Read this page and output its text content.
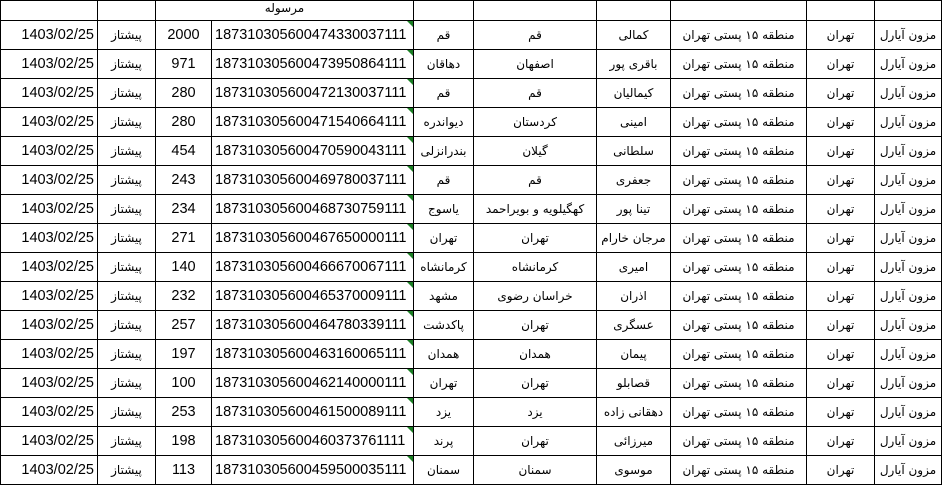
		مرسوله							
1403/02/25	پیشتاز	2000	187310305600474330037111	قم	قم	کمالی	منطقه ۱۵ پستی تهران	تهران	مزون آیارل
1403/02/25	پیشتاز	971	187310305600473950864111	دهاقان	اصفهان	باقری پور	منطقه ۱۵ پستی تهران	تهران	مزون آیارل
1403/02/25	پیشتاز	280	187310305600472130037111	قم	قم	کیمالیان	منطقه ۱۵ پستی تهران	تهران	مزون آیارل
1403/02/25	پیشتاز	280	187310305600471540664111	دیواندره	کردستان	امینی	منطقه ۱۵ پستی تهران	تهران	مزون آیارل
1403/02/25	پیشتاز	454	187310305600470590043111	بندرانزلی	گیلان	سلطانی	منطقه ۱۵ پستی تهران	تهران	مزون آیارل
1403/02/25	پیشتاز	243	187310305600469780037111	قم	قم	جعفری	منطقه ۱۵ پستی تهران	تهران	مزون آیارل
1403/02/25	پیشتاز	234	187310305600468730759111	یاسوج	کهگیلویه و بویراحمد	تینا پور	منطقه ۱۵ پستی تهران	تهران	مزون آیارل
1403/02/25	پیشتاز	271	187310305600467650000111	تهران	تهران	مرجان خارام	منطقه ۱۵ پستی تهران	تهران	مزون آیارل
1403/02/25	پیشتاز	140	187310305600466670067111	کرمانشاه	کرمانشاه	امیری	منطقه ۱۵ پستی تهران	تهران	مزون آیارل
1403/02/25	پیشتاز	232	187310305600465370009111	مشهد	خراسان رضوی	اذران	منطقه ۱۵ پستی تهران	تهران	مزون آیارل
1403/02/25	پیشتاز	257	187310305600464780339111	پاکدشت	تهران	عسگری	منطقه ۱۵ پستی تهران	تهران	مزون آیارل
1403/02/25	پیشتاز	197	187310305600463160065111	همدان	همدان	پیمان	منطقه ۱۵ پستی تهران	تهران	مزون آیارل
1403/02/25	پیشتاز	100	187310305600462140000111	تهران	تهران	قصابلو	منطقه ۱۵ پستی تهران	تهران	مزون آیارل
1403/02/25	پیشتاز	253	187310305600461500089111	یزد	یزد	دهقانی زاده	منطقه ۱۵ پستی تهران	تهران	مزون آیارل
1403/02/25	پیشتاز	198	187310305600460373761111	پرند	تهران	میرزائی	منطقه ۱۵ پستی تهران	تهران	مزون آیارل
1403/02/25	پیشتاز	113	187310305600459500035111	سمنان	سمنان	موسوی	منطقه ۱۵ پستی تهران	تهران	مزون آیارل
